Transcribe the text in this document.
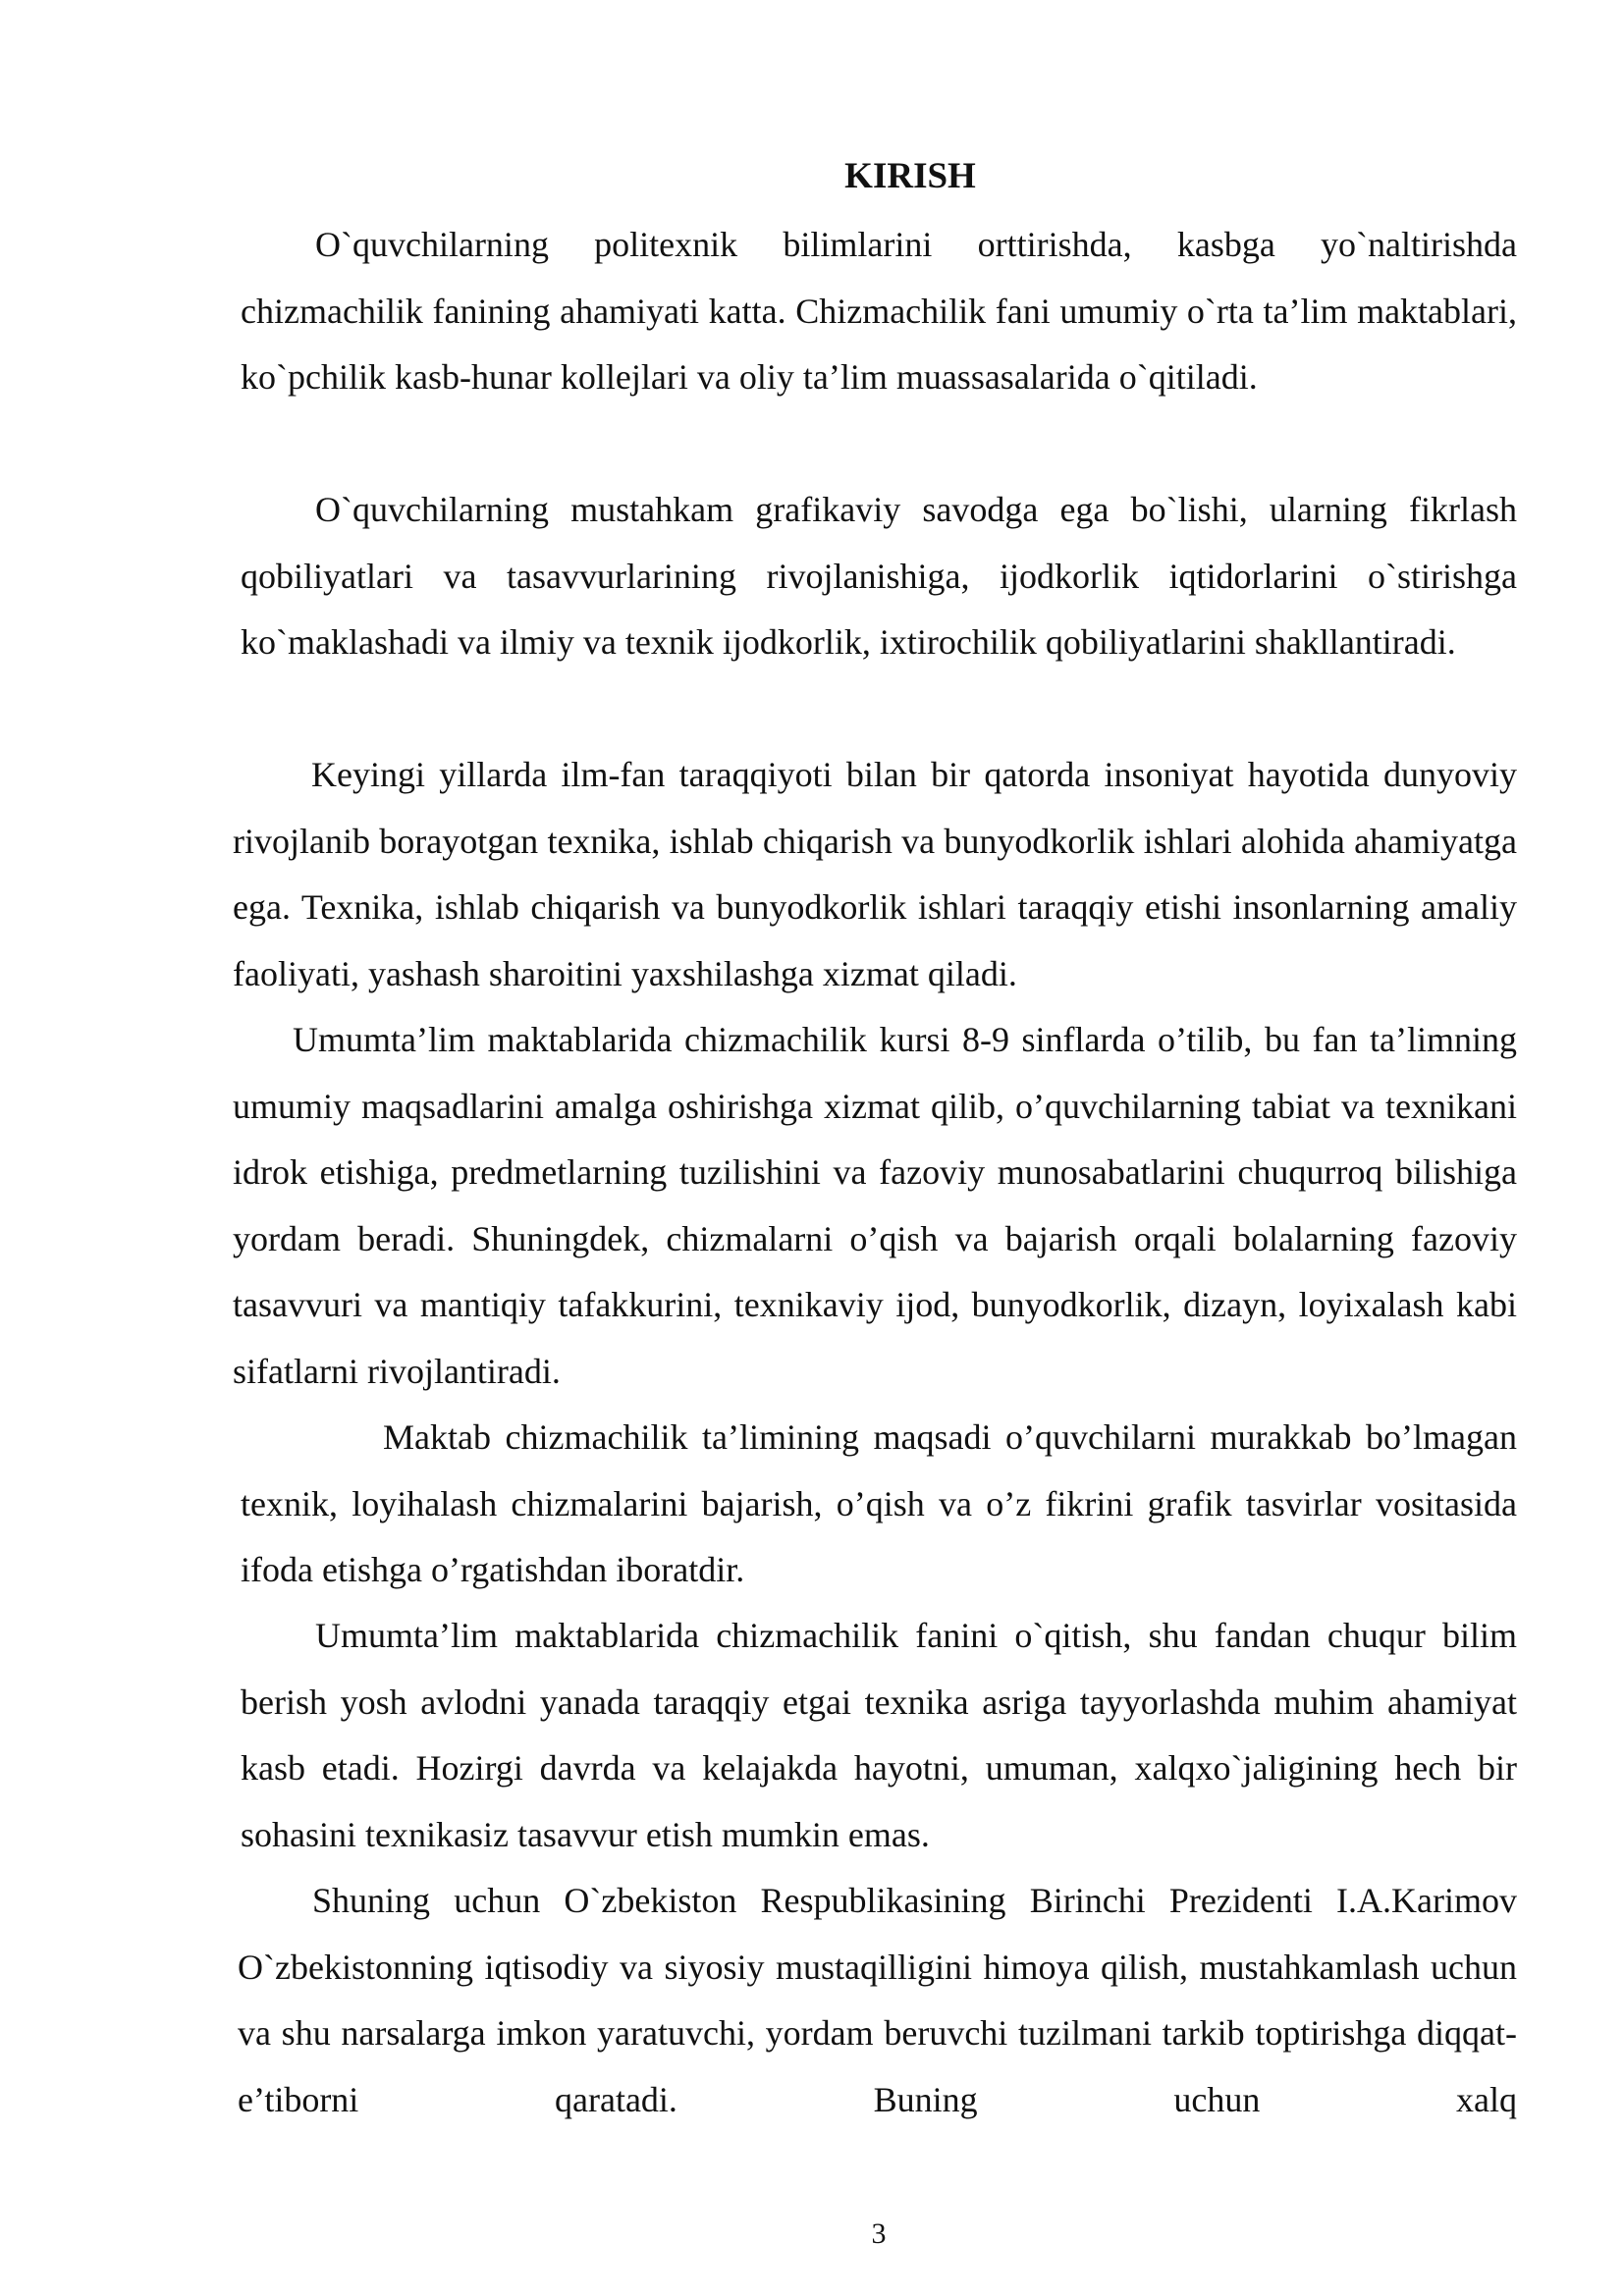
KIRISH

O`quvchilarning politexnik bilimlarini orttirishda, kasbga yo`naltirishda chizmachilik fanining ahamiyati katta. Chizmachilik fani umumiy o`rta ta’lim maktablari, ko`pchilik kasb-hunar kollejlari va oliy ta’lim muassasalarida o`qitiladi.

O`quvchilarning mustahkam grafikaviy savodga ega bo`lishi, ularning fikrlash qobiliyatlari va tasavvurlarining rivojlanishiga, ijodkorlik iqtidorlarini o`stirishga ko`maklashadi va ilmiy va texnik ijodkorlik, ixtirochilik qobiliyatlarini shakllantiradi.

Keyingi yillarda ilm-fan taraqqiyoti bilan bir qatorda insoniyat hayotida dunyoviy rivojlanib borayotgan texnika, ishlab chiqarish va bunyodkorlik ishlari alohida ahamiyatga ega. Texnika, ishlab chiqarish va bunyodkorlik ishlari taraqqiy etishi insonlarning amaliy faoliyati, yashash sharoitini yaxshilashga xizmat qiladi.

Umumta’lim maktablarida chizmachilik kursi 8-9 sinflarda o’tilib, bu fan ta’limning umumiy maqsadlarini amalga oshirishga xizmat qilib, o’quvchilarning tabiat va texnikani idrok etishiga, predmetlarning tuzilishini va fazoviy munosabatlarini chuqurroq bilishiga yordam beradi. Shuningdek, chizmalarni o’qish va bajarish orqali bolalarning fazoviy tasavvuri va mantiqiy tafakkurini, texnikaviy ijod, bunyodkorlik, dizayn, loyixalash kabi sifatlarni rivojlantiradi.

Maktab chizmachilik ta’limining maqsadi o’quvchilarni murakkab bo’lmagan texnik, loyihalash chizmalarini bajarish, o’qish va o’z fikrini grafik tasvirlar vositasida ifoda etishga o’rgatishdan iboratdir.

Umumta’lim maktablarida chizmachilik fanini o`qitish, shu fandan chuqur bilim berish yosh avlodni yanada taraqqiy etgai texnika asriga tayyorlashda muhim ahamiyat kasb etadi. Hozirgi davrda va kelajakda hayotni, umuman, xalqxo`jaligining hech bir sohasini texnikasiz tasavvur etish mumkin emas.

Shuning uchun O`zbekiston Respublikasining Birinchi Prezidenti I.A.Karimov O`zbekistonning iqtisodiy va siyosiy mustaqilligini himoya qilish, mustahkamlash uchun va shu narsalarga imkon yaratuvchi, yordam beruvchi tuzilmani tarkib toptirishga diqqat-e’tiborni qaratadi. Buning uchun xalq

3
